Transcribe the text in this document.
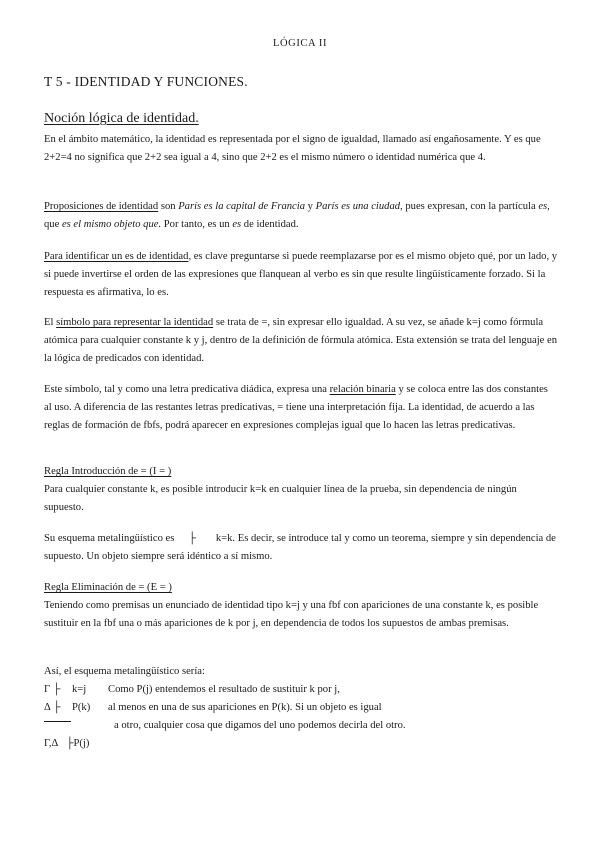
LÓGICA II
T 5 - IDENTIDAD Y FUNCIONES.
Noción lógica de identidad.

En el ámbito matemático, la identidad es representada por el signo de igualdad, llamado así engañosamente. Y es que 2+2=4 no significa que 2+2 sea igual a 4, sino que 2+2 es el mismo número o identidad numérica que 4.

Proposiciones de identidad son París es la capital de Francia y París es una ciudad, pues expresan, con la partícula es, que es el mismo objeto que. Por tanto, es un es de identidad.

Para identificar un es de identidad, es clave preguntarse si puede reemplazarse por es el mismo objeto qué, por un lado, y si puede invertirse el orden de las expresiones que flanquean al verbo es sin que resulte lingüísticamente forzado. Si la respuesta es afirmativa, lo es.

El símbolo para representar la identidad se trata de =, sin expresar ello igualdad. A su vez, se añade k=j como fórmula atómica para cualquier constante k y j, dentro de la definición de fórmula atómica. Esta extensión se trata del lenguaje en la lógica de predicados con identidad.

Este símbolo, tal y como una letra predicativa diádica, expresa una relación binaria y se coloca entre las dos constantes al uso. A diferencia de las restantes letras predicativas, = tiene una interpretación fija. La identidad, de acuerdo a las reglas de formación de fbfs, podrá aparecer en expresiones complejas igual que lo hacen las letras predicativas.

Regla Introducción de = (I = )

Para cualquier constante k, es posible introducir k=k en cualquier línea de la prueba, sin dependencia de ningún supuesto.

Su esquema metalingüístico es ├ k=k. Es decir, se introduce tal y como un teorema, siempre y sin dependencia de supuesto. Un objeto siempre será idéntico a sí mismo.

Regla Eliminación de = (E = )

Teniendo como premisas un enunciado de identidad tipo k=j y una fbf con apariciones de una constante k, es posible sustituir en la fbf una o más apariciones de k por j, en dependencia de todos los supuestos de ambas premisas.

Así, el esquema metalingüístico sería:
Γ ├ k=j Como P(j) entendemos el resultado de sustituir k por j,
Δ ├ P(k) al menos en una de sus apariciones en P(k). Si un objeto es igual
a otro, cualquier cosa que digamos del uno podemos decirla del otro.
Γ,Δ ├P(j)
